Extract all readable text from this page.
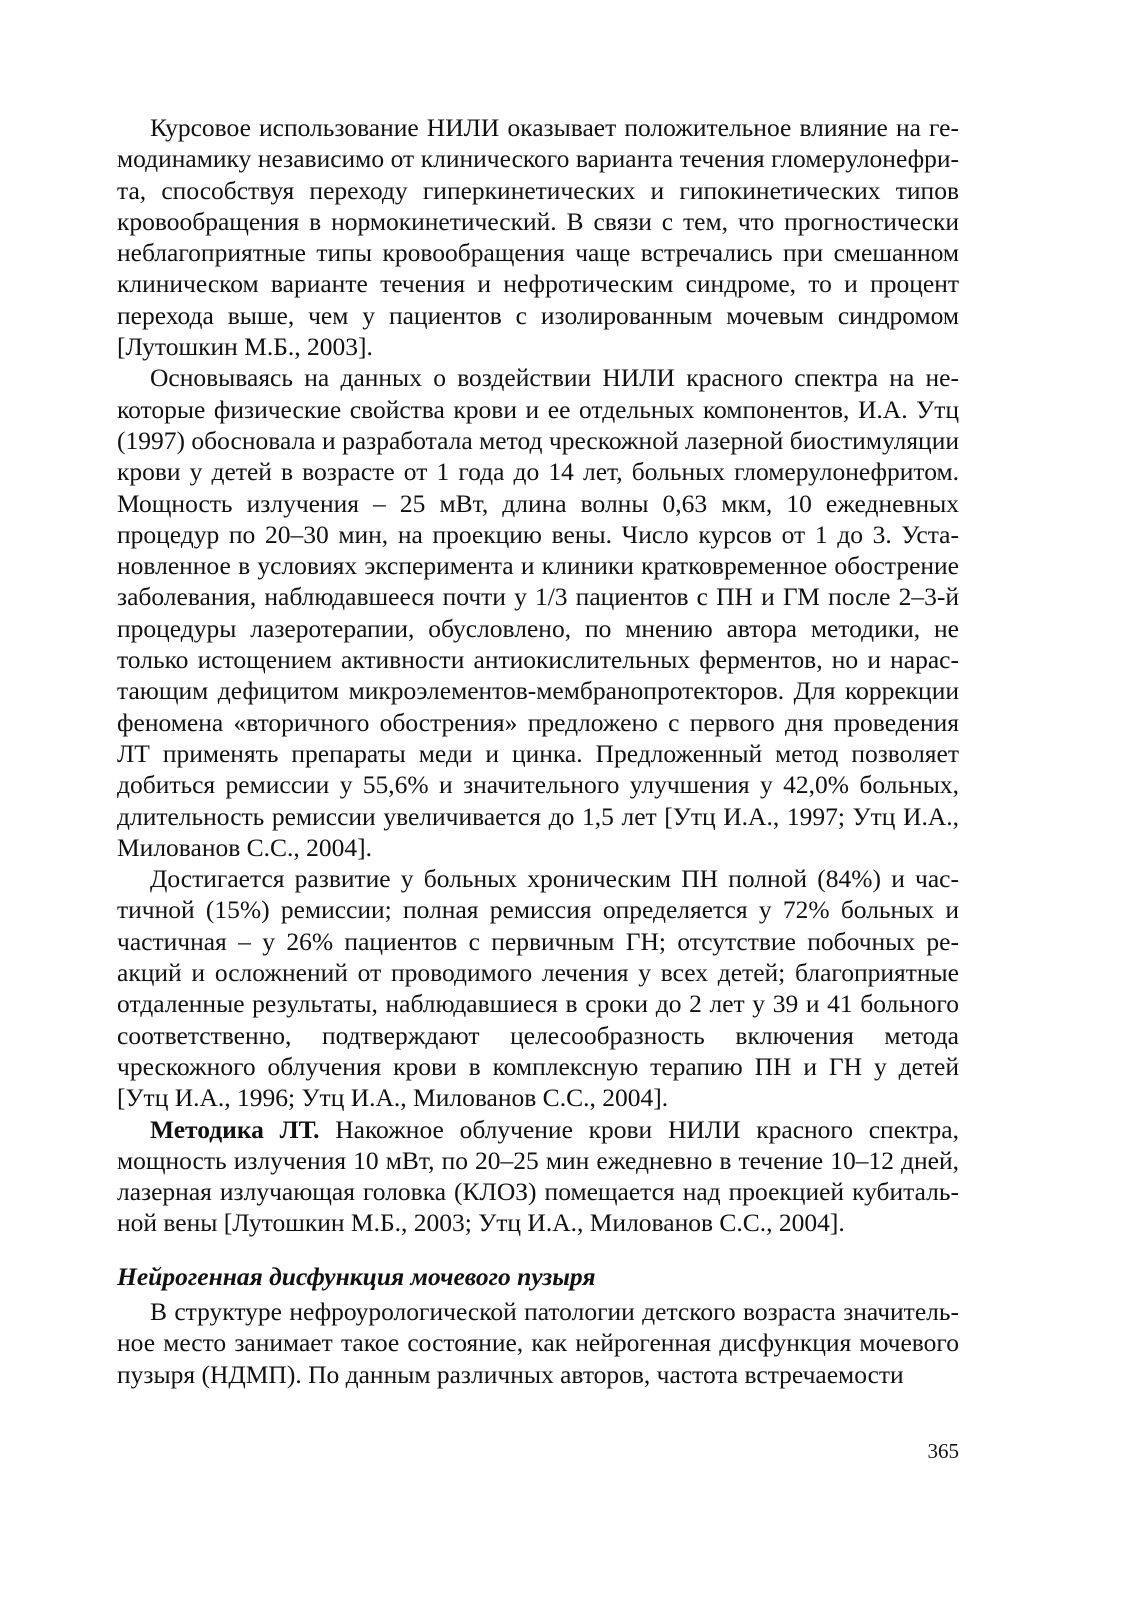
Курсовое использование НИЛИ оказывает положительное влияние на гемодинамику независимо от клинического варианта течения гломерулонефрита, способствуя переходу гиперкинетических и гипокинетических типов кровообращения в нормокинетический. В связи с тем, что прогностически неблагоприятные типы кровообращения чаще встречались при смешанном клиническом варианте течения и нефротическим синдроме, то и процент перехода выше, чем у пациентов с изолированным мочевым синдромом [Лутошкин М.Б., 2003].

Основываясь на данных о воздействии НИЛИ красного спектра на некоторые физические свойства крови и ее отдельных компонентов, И.А. Утц (1997) обосновала и разработала метод чрескожной лазерной биостимуляции крови у детей в возрасте от 1 года до 14 лет, больных гломерулонефритом. Мощность излучения – 25 мВт, длина волны 0,63 мкм, 10 ежедневных процедур по 20–30 мин, на проекцию вены. Число курсов от 1 до 3. Установленное в условиях эксперимента и клиники кратковременное обострение заболевания, наблюдавшееся почти у 1/3 пациентов с ПН и ГМ после 2–3-й процедуры лазеротерапии, обусловлено, по мнению автора методики, не только истощением активности антиокислительных ферментов, но и нарастающим дефицитом микроэлементов-мембранопротекторов. Для коррекции феномена «вторичного обострения» предложено с первого дня проведения ЛТ применять препараты меди и цинка. Предложенный метод позволяет добиться ремиссии у 55,6% и значительного улучшения у 42,0% больных, длительность ремиссии увеличивается до 1,5 лет [Утц И.А., 1997; Утц И.А., Милованов С.С., 2004].

Достигается развитие у больных хроническим ПН полной (84%) и частичной (15%) ремиссии; полная ремиссия определяется у 72% больных и частичная – у 26% пациентов с первичным ГН; отсутствие побочных реакций и осложнений от проводимого лечения у всех детей; благоприятные отдаленные результаты, наблюдавшиеся в сроки до 2 лет у 39 и 41 больного соответственно, подтверждают целесообразность включения метода чрескожного облучения крови в комплексную терапию ПН и ГН у детей [Утц И.А., 1996; Утц И.А., Милованов С.С., 2004].

Методика ЛТ. Накожное облучение крови НИЛИ красного спектра, мощность излучения 10 мВт, по 20–25 мин ежедневно в течение 10–12 дней, лазерная излучающая головка (КЛОЗ) помещается над проекцией кубитальной вены [Лутошкин М.Б., 2003; Утц И.А., Милованов С.С., 2004].

Нейрогенная дисфункция мочевого пузыря

В структуре нефроурологической патологии детского возраста значительное место занимает такое состояние, как нейрогенная дисфункция мочевого пузыря (НДМП). По данным различных авторов, частота встречаемости

365
